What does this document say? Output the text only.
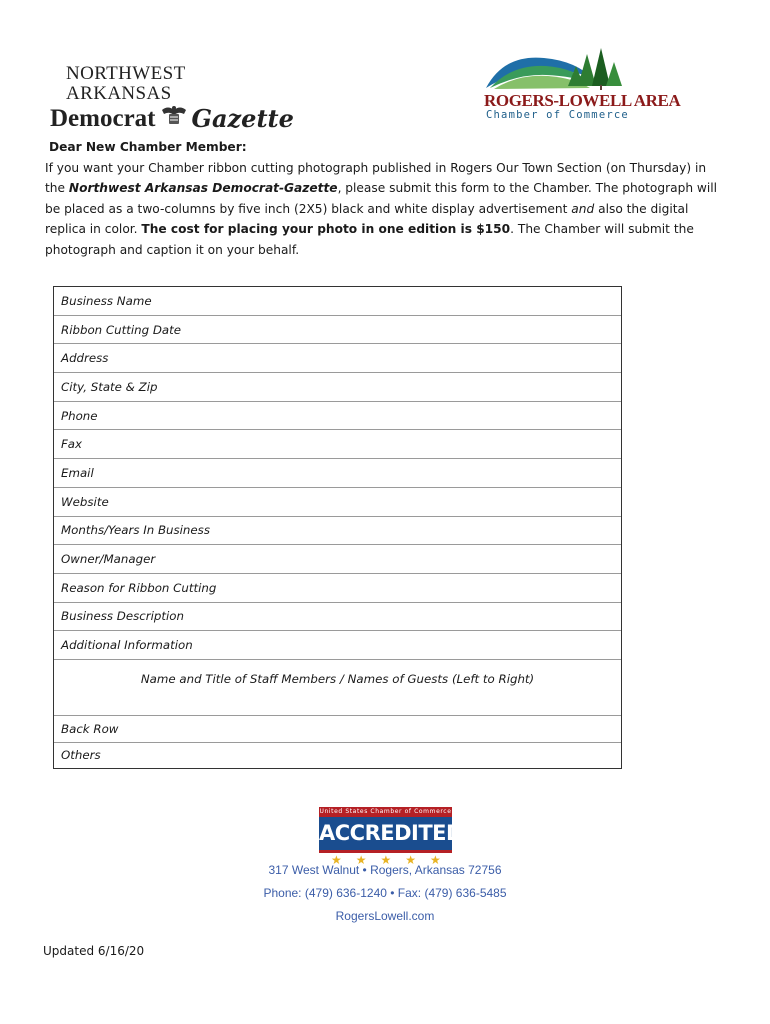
NORTHWEST ARKANSAS
Democrat Gazette
ROGERS-LOWELL AREA
Chamber of Commerce
Dear New Chamber Member:
If you want your Chamber ribbon cutting photograph published in Rogers Our Town Section (on Thursday) in the Northwest Arkansas Democrat-Gazette, please submit this form to the Chamber. The photograph will be placed as a two-columns by five inch (2X5) black and white display advertisement and also the digital replica in color. The cost for placing your photo in one edition is $150. The Chamber will submit the photograph and caption it on your behalf.
Business Name
Ribbon Cutting Date
Address
City, State & Zip
Phone
Fax
Email
Website
Months/Years In Business
Owner/Manager
Reason for Ribbon Cutting
Business Description
Additional Information
Name and Title of Staff Members / Names of Guests (Left to Right)
Back Row
Others
United States Chamber of Commerce
ACCREDITED
★★★★★
317 West Walnut • Rogers, Arkansas 72756
Phone: (479) 636-1240 • Fax: (479) 636-5485
RogersLowell.com
Updated 6/16/20
